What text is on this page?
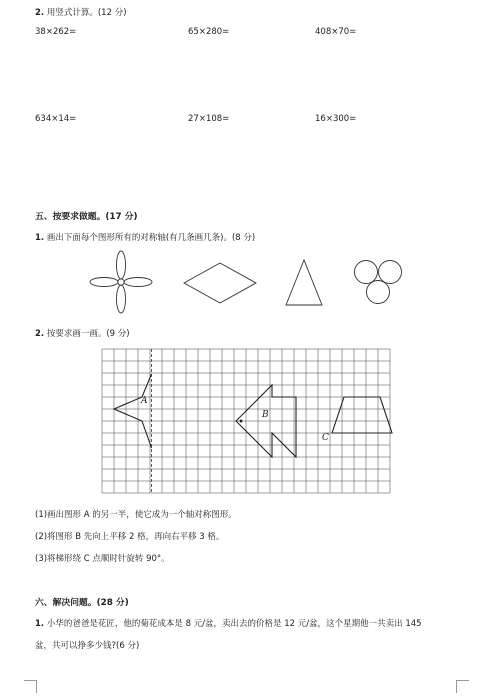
2. 用竖式计算。(12 分)
38×262=	65×280=	408×70=
634×14=	27×108=	16×300=
五、按要求做题。(17 分)
1. 画出下面每个图形所有的对称轴(有几条画几条)。(8 分)
2. 按要求画一画。(9 分)
A
B
C
(1)画出图形 A 的另一半，使它成为一个轴对称图形。
(2)将图形 B 先向上平移 2 格，再向右平移 3 格。
(3)将梯形绕 C 点顺时针旋转 90°。
六、解决问题。(28 分)
1. 小华的爸爸是花匠，他的菊花成本是 8 元/盆，卖出去的价格是 12 元/盆，这个星期他一共卖出 145
盆，共可以挣多少钱?(6 分)
